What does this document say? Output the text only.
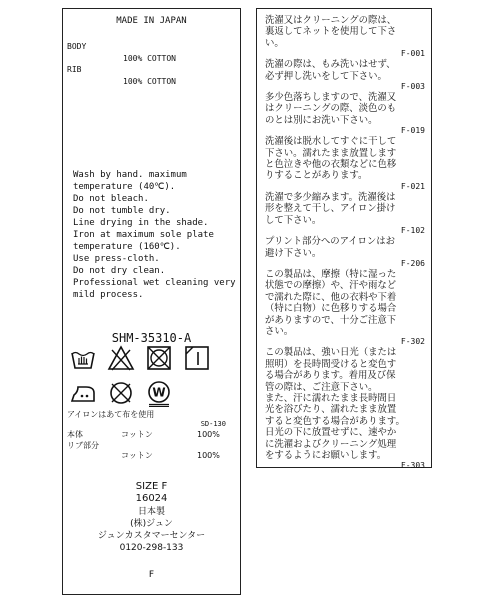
MADE IN JAPAN
BODY
100% COTTON
RIB
100% COTTON
Wash by hand. maximum
temperature (40℃).
Do not bleach.
Do not tumble dry.
Line drying in the shade.
Iron at maximum sole plate
temperature (160℃).
Use press-cloth.
Do not dry clean.
Professional wet cleaning very
mild process.
SHM-35310-A
W
アイロンはあて布を使用
SD-130
本体
リブ部分
コットン	100%
コットン	100%
SIZE F
16024
日本製
(株)ジュン
ジュンカスタマーセンター
0120-298-133
F

洗濯又はクリーニングの際は、
裏返してネットを使用して下さ
い。

F-001

洗濯の際は、もみ洗いはせず、
必ず押し洗いをして下さい。

F-003

多少色落ちしますので、洗濯又
はクリーニングの際、淡色のも
のとは別にお洗い下さい。

F-019

洗濯後は脱水してすぐに干して
下さい。濡れたまま放置します
と色泣きや他の衣類などに色移
りすることがあります。

F-021

洗濯で多少縮みます。洗濯後は
形を整えて干し、アイロン掛け
して下さい。

F-102

プリント部分へのアイロンはお
避け下さい。

F-206

この製品は、摩擦（特に湿った
状態での摩擦）や、汗や雨など
で濡れた際に、他の衣料や下着
（特に白物）に色移りする場合
がありますので、十分ご注意下
さい。

F-302

この製品は、強い日光（または
照明）を長時間受けると変色す
る場合があります。着用及び保
管の際は、ご注意下さい。
また、汗に濡れたまま長時間日
光を浴びたり、濡れたまま放置
すると変色する場合があります。
日光の下に放置せずに、速やか
に洗濯およびクリーニング処理
をするようにお願いします。

F-303
